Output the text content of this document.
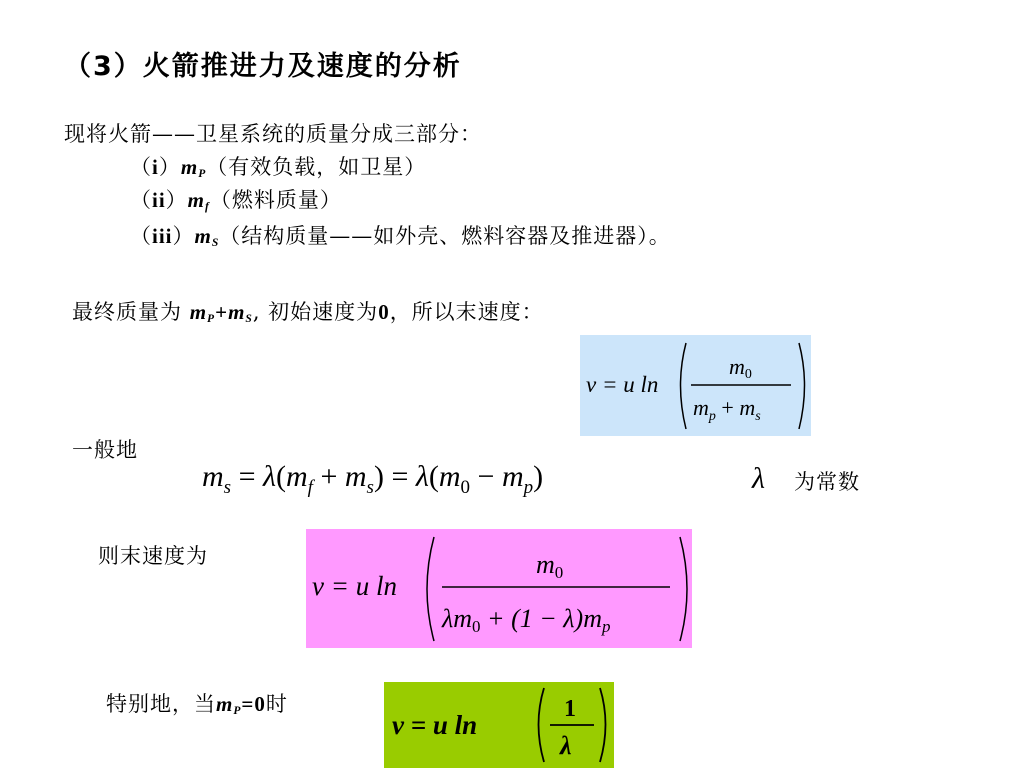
（3）火箭推进力及速度的分析
现将火箭——卫星系统的质量分成三部分：
$(i)m_P$（有效负载，如卫星）
$(ii)m_f$（燃料质量）
$(iii)m_S$（结构质量——如外壳、燃料容器及推进器）。
最终质量为 $m_P+m_S$, 初始速度为0，所以末速度：
v = u ln
m0
$m_p + m_s$
一般地
$m_s = \lambda(m_f + m_s) = \lambda(m_0 - m_p)$	λ 为常数
则末速度为
v = u ln
m0
λm0 + (1 − λ)mp
特别地，当$m_P=0$时
v = u ln
1
λ
